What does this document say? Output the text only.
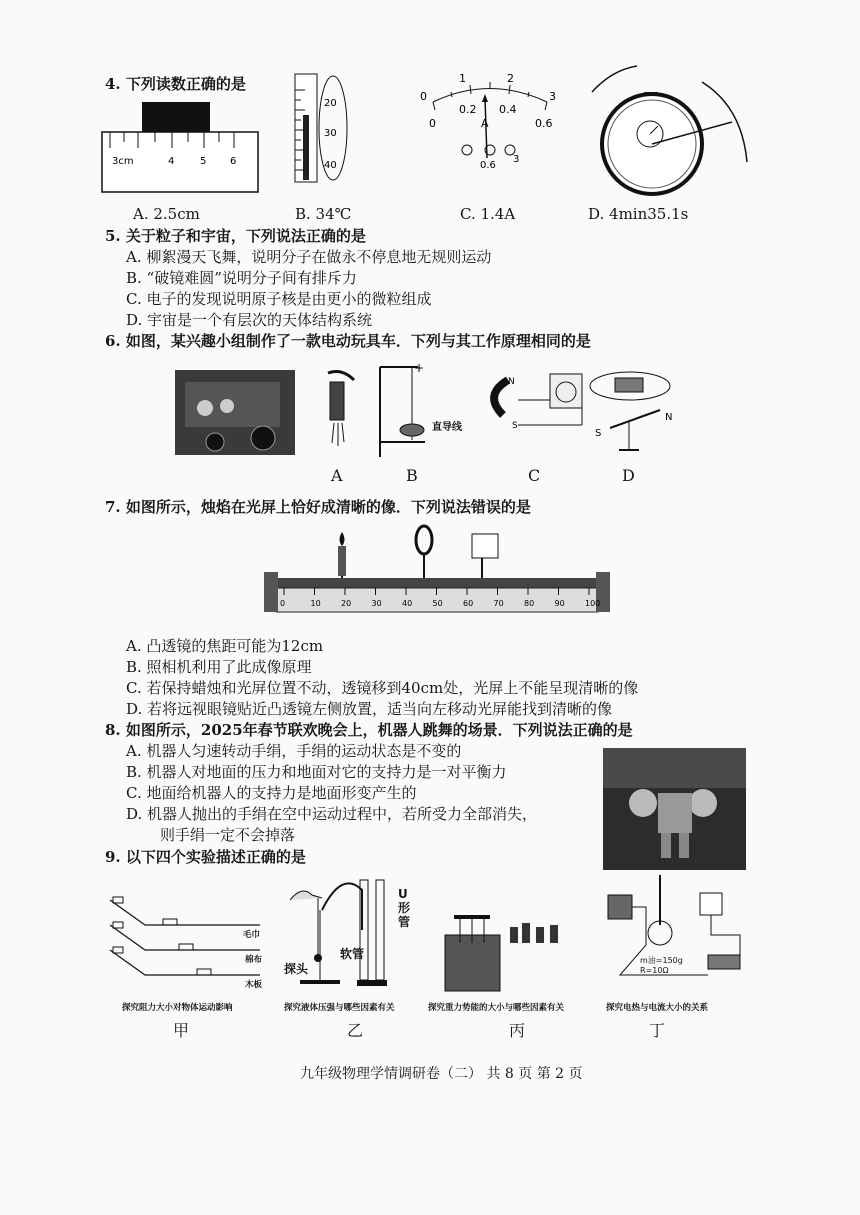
4. 下列读数正确的是
3cm	4	5 6
20
30
40
0
1	2
3
0
0.2 0.4
0.6
A
0.6
3
A. 2.5cm	B. 34℃	C. 1.4A	D. 4min35.1s
5. 关于粒子和宇宙，下列说法正确的是
A. 柳絮漫天飞舞，说明分子在做永不停息地无规则运动
B. “破镜难圆”说明分子间有排斥力
C. 电子的发现说明原子核是由更小的微粒组成
D. 宇宙是一个有层次的天体结构系统
6. 如图，某兴趣小组制作了一款电动玩具车．下列与其工作原理相同的是
A
+
直导线
B
N
S
C
S
N
D
7. 如图所示，烛焰在光屏上恰好成清晰的像．下列说法错误的是
0	10	20	30	40	50	60	70	80	90	100
A. 凸透镜的焦距可能为12cm
B. 照相机利用了此成像原理
C. 若保持蜡烛和光屏位置不动，透镜移到40cm处，光屏上不能呈现清晰的像
D. 若将远视眼镜贴近凸透镜左侧放置，适当向左移动光屏能找到清晰的像
8. 如图所示，2025年春节联欢晚会上，机器人跳舞的场景．下列说法正确的是
A. 机器人匀速转动手绢，手绢的运动状态是不变的
B. 机器人对地面的压力和地面对它的支持力是一对平衡力
C. 地面给机器人的支持力是地面形变产生的
D. 机器人抛出的手绢在空中运动过程中，若所受力全部消失，
则手绢一定不会掉落
9. 以下四个实验描述正确的是
毛巾
棉布
木板
探头
软管
U形管
m油=150g
R=10Ω
探究阻力大小对物体运动影响	探究液体压强与哪些因素有关	探究重力势能的大小与哪些因素有关	探究电热与电流大小的关系
甲	乙	丙	丁
九年级物理学情调研卷（二） 共 8 页 第 2 页
